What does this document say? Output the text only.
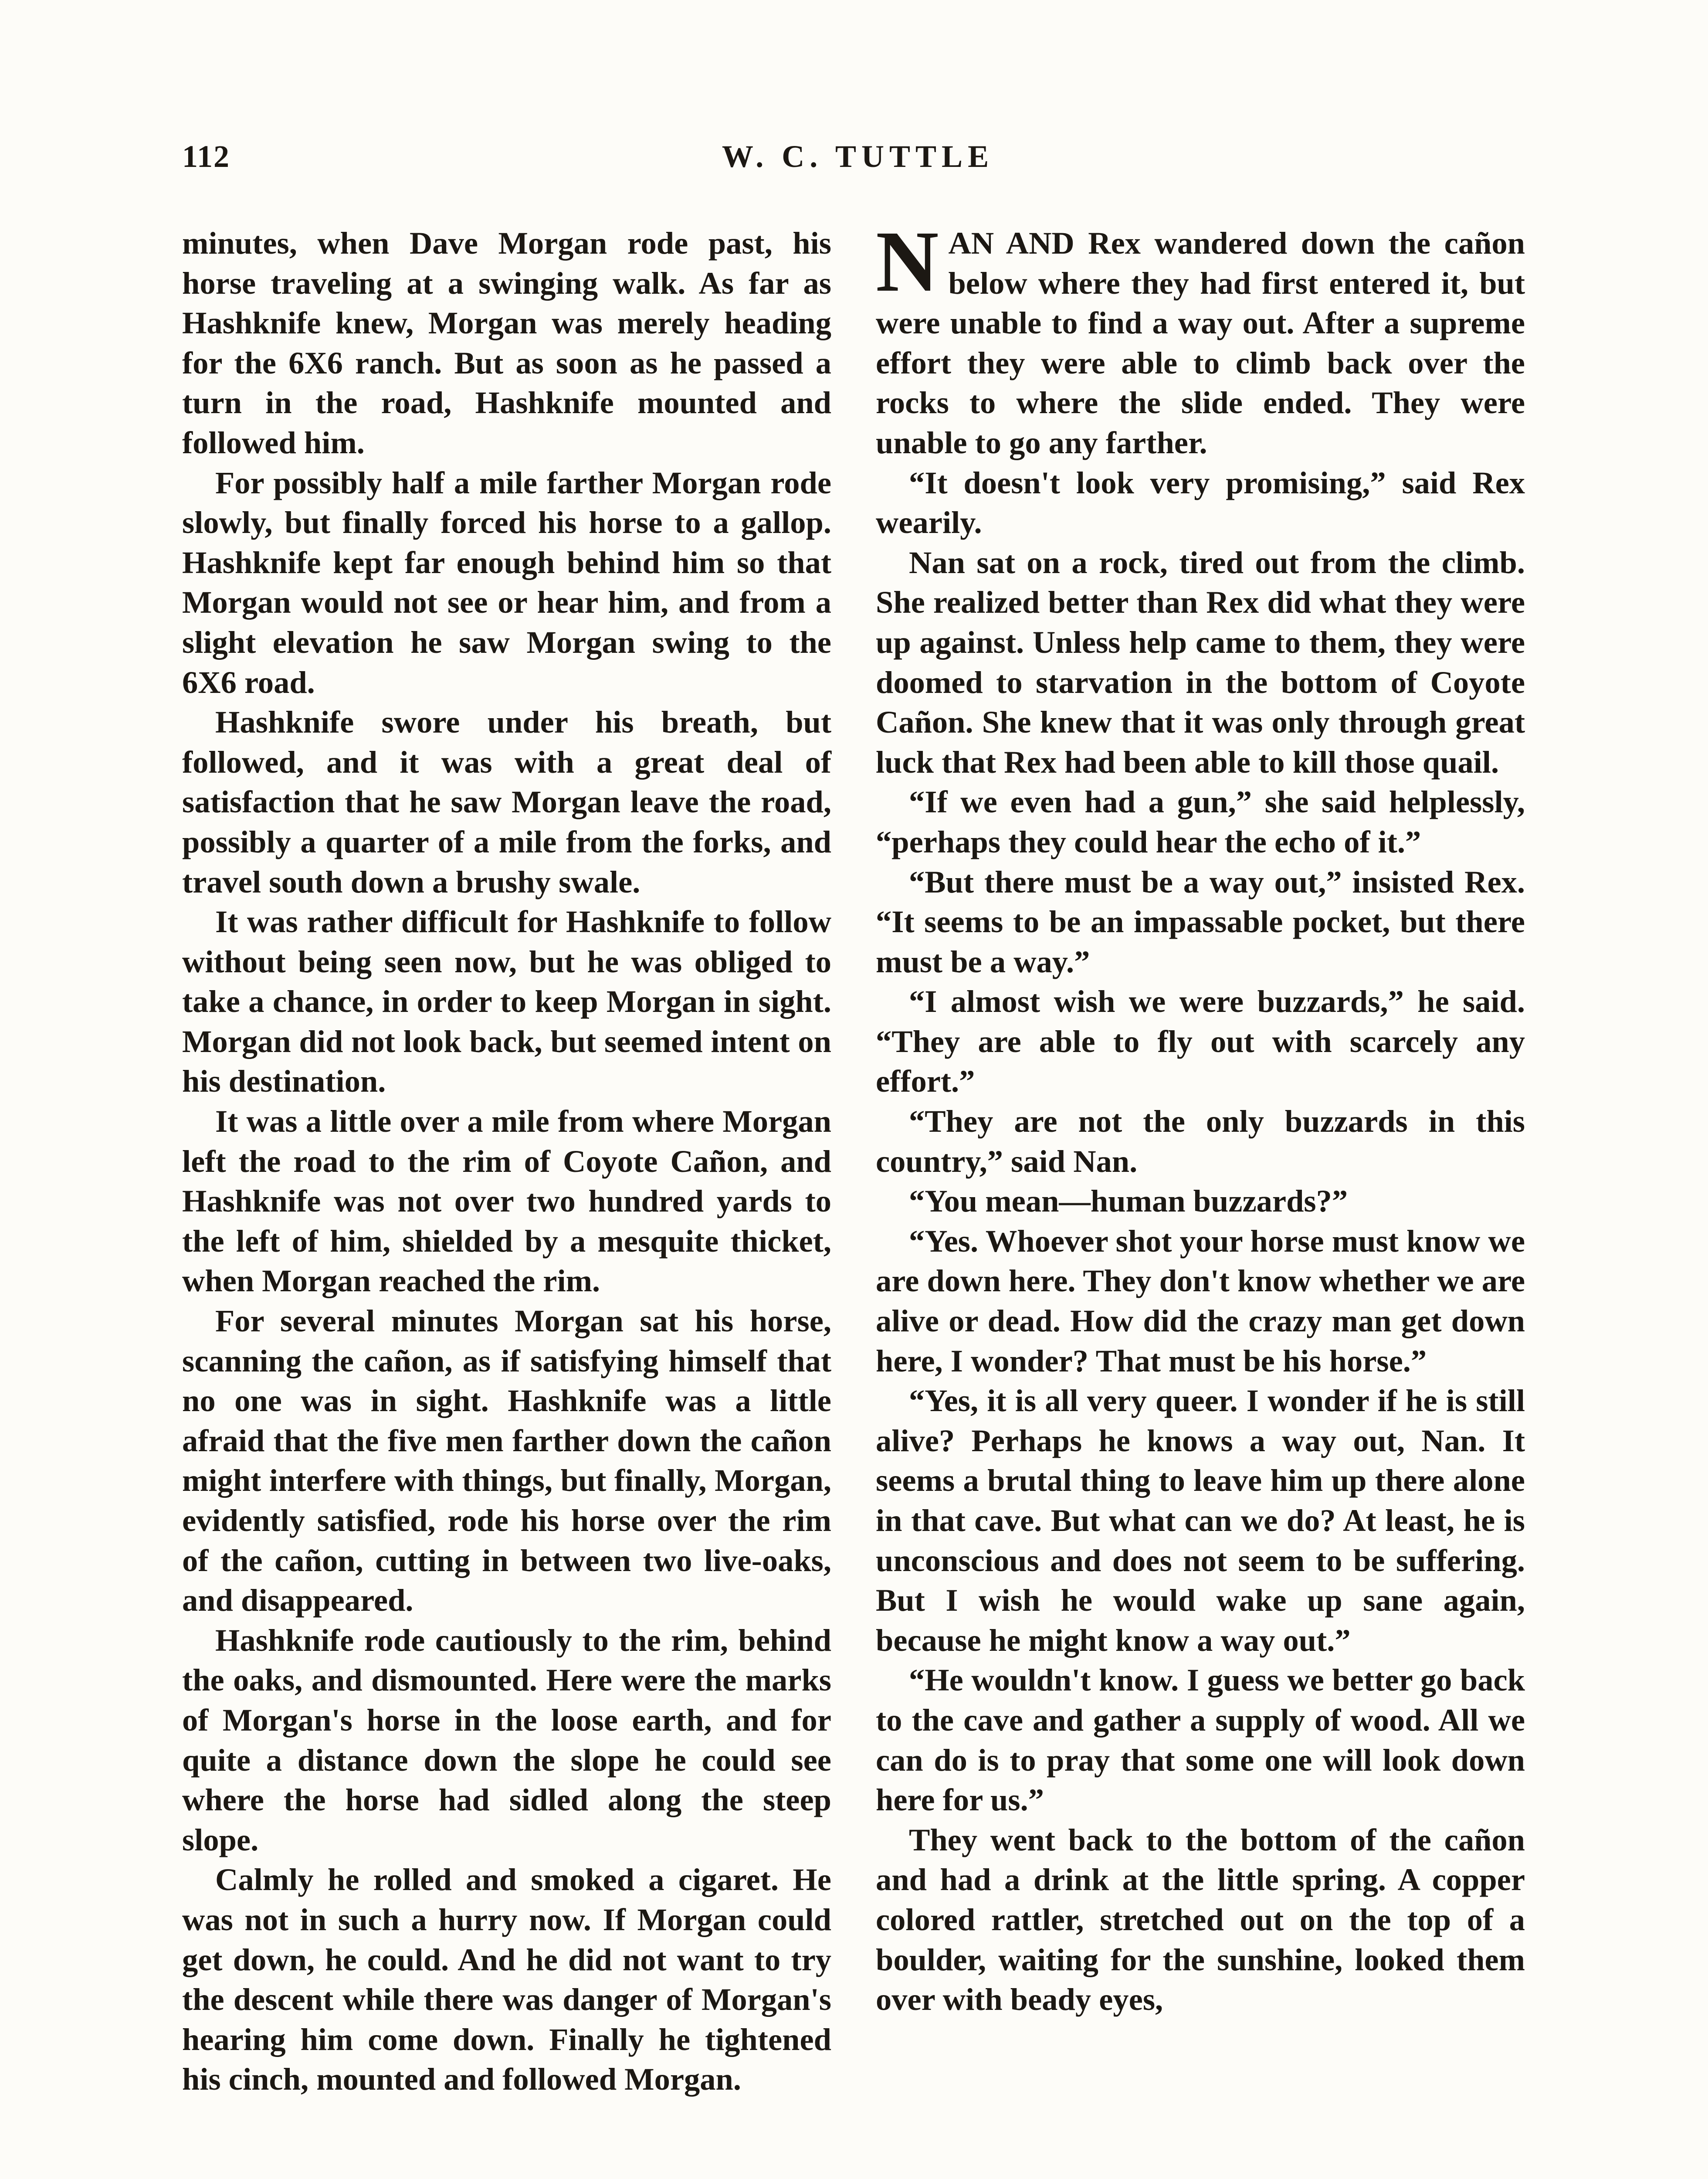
112	W. C. TUTTLE

minutes, when Dave Morgan rode past, his horse traveling at a swinging walk. As far as Hashknife knew, Morgan was merely heading for the 6X6 ranch. But as soon as he passed a turn in the road, Hashknife mounted and followed him.

For possibly half a mile farther Morgan rode slowly, but finally forced his horse to a gallop. Hashknife kept far enough behind him so that Morgan would not see or hear him, and from a slight elevation he saw Morgan swing to the 6X6 road.

Hashknife swore under his breath, but followed, and it was with a great deal of satisfaction that he saw Morgan leave the road, possibly a quarter of a mile from the forks, and travel south down a brushy swale.

It was rather difficult for Hashknife to follow without being seen now, but he was obliged to take a chance, in order to keep Morgan in sight. Morgan did not look back, but seemed intent on his destination.

It was a little over a mile from where Morgan left the road to the rim of Coyote Cañon, and Hashknife was not over two hundred yards to the left of him, shielded by a mesquite thicket, when Morgan reached the rim.

For several minutes Morgan sat his horse, scanning the cañon, as if satisfying himself that no one was in sight. Hashknife was a little afraid that the five men farther down the cañon might interfere with things, but finally, Morgan, evidently satisfied, rode his horse over the rim of the cañon, cutting in between two live-oaks, and disappeared.

Hashknife rode cautiously to the rim, behind the oaks, and dismounted. Here were the marks of Morgan's horse in the loose earth, and for quite a distance down the slope he could see where the horse had sidled along the steep slope.

Calmly he rolled and smoked a cigaret. He was not in such a hurry now. If Morgan could get down, he could. And he did not want to try the descent while there was danger of Morgan's hearing him come down. Finally he tightened his cinch, mounted and followed Morgan.

NAN AND Rex wandered down the cañon below where they had first entered it, but were unable to find a way out. After a supreme effort they were able to climb back over the rocks to where the slide ended. They were unable to go any farther.

“It doesn't look very promising,” said Rex wearily.

Nan sat on a rock, tired out from the climb. She realized better than Rex did what they were up against. Unless help came to them, they were doomed to starvation in the bottom of Coyote Cañon. She knew that it was only through great luck that Rex had been able to kill those quail.

“If we even had a gun,” she said helplessly, “perhaps they could hear the echo of it.”

“But there must be a way out,” insisted Rex. “It seems to be an impassable pocket, but there must be a way.”

“I almost wish we were buzzards,” he said. “They are able to fly out with scarcely any effort.”

“They are not the only buzzards in this country,” said Nan.

“You mean—human buzzards?”

“Yes. Whoever shot your horse must know we are down here. They don't know whether we are alive or dead. How did the crazy man get down here, I wonder? That must be his horse.”

“Yes, it is all very queer. I wonder if he is still alive? Perhaps he knows a way out, Nan. It seems a brutal thing to leave him up there alone in that cave. But what can we do? At least, he is unconscious and does not seem to be suffering. But I wish he would wake up sane again, because he might know a way out.”

“He wouldn't know. I guess we better go back to the cave and gather a supply of wood. All we can do is to pray that some one will look down here for us.”

They went back to the bottom of the cañon and had a drink at the little spring. A copper colored rattler, stretched out on the top of a boulder, waiting for the sunshine, looked them over with beady eyes,
